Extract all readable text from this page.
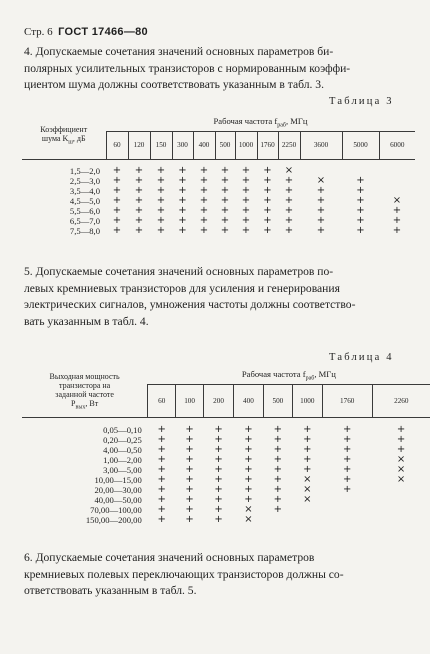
Стр. 6 ГОСТ 17466—80
4. Допускаемые сочетания значений основных параметров би-
полярных усилительных транзисторов с нормированным коэффи-
циентом шума должны соответствовать указанным в табл. 3.
Таблица 3
Коэффициент
шума $K_ш$, дБ	Рабочая частота $f_{раб}$, МГц											
	60	120	150	300	400	500	1000	1760	2250	3600	5000	6000

1,5—2,0	+	+	+	+	+	+	+	+	×			
2,5—3,0	+	+	+	+	+	+	+	+	+	×	+	
3,5—4,0	+	+	+	+	+	+	+	+	+	+	+	
4,5—5,0	+	+	+	+	+	+	+	+	+	+	+	×
5,5—6,0	+	+	+	+	+	+	+	+	+	+	+	+
6,5—7,0	+	+	+	+	+	+	+	+	+	+	+	+
7,5—8,0	+	+	+	+	+	+	+	+	+	+	+	+
5. Допускаемые сочетания значений основных параметров по-
левых кремниевых транзисторов для усиления и генерирования
электрических сигналов, умножения частоты должны соответство-
вать указанным в табл. 4.
Таблица 4
Выходная мощность
транзистора на
заданной частоте
$P_{вых}$, Вт	Рабочая частота $f_{раб}$, МГц							
	60	100	200	400	500	1000	1760	2260

0,05—0,10	+	+	+	+	+	+	+	+
0,20—0,25	+	+	+	+	+	+	+	+
4,00—0,50	+	+	+	+	+	+	+	+
1,00—2,00	+	+	+	+	+	+	+	×
3,00—5,00	+	+	+	+	+	+	+	×
10,00—15,00	+	+	+	+	+	×	+	×
20,00—30,00	+	+	+	+	+	×	+	
40,00—50,00	+	+	+	+	+	×		
70,00—100,00	+	+	+	×	+			
150,00—200,00	+	+	+	×				
6. Допускаемые сочетания значений основных параметров
кремниевых полевых переключающих транзисторов должны со-
ответствовать указанным в табл. 5.
